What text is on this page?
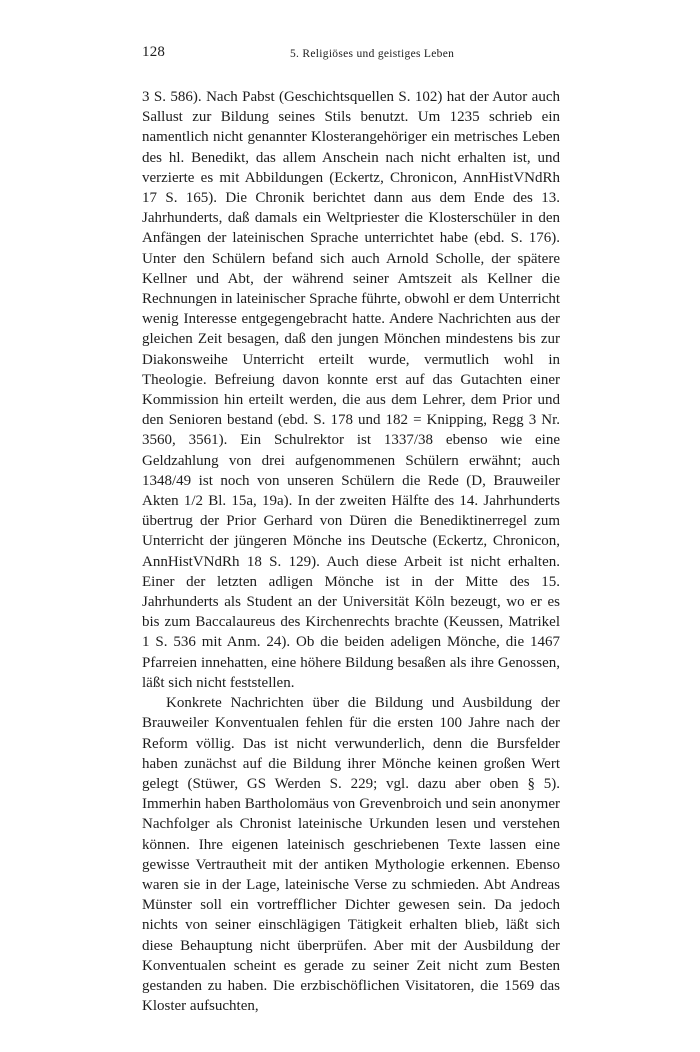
128	5. Religiöses und geistiges Leben

3 S. 586). Nach Pabst (Geschichtsquellen S. 102) hat der Autor auch Sallust zur Bildung seines Stils benutzt. Um 1235 schrieb ein namentlich nicht genannter Klosterangehöriger ein metrisches Leben des hl. Benedikt, das allem Anschein nach nicht erhalten ist, und verzierte es mit Abbildungen (Eckertz, Chronicon, AnnHistVNdRh 17 S. 165). Die Chronik berichtet dann aus dem Ende des 13. Jahrhunderts, daß damals ein Weltpriester die Klosterschüler in den Anfängen der lateinischen Sprache unterrichtet habe (ebd. S. 176). Unter den Schülern befand sich auch Arnold Scholle, der spätere Kellner und Abt, der während seiner Amtszeit als Kellner die Rechnungen in lateinischer Sprache führte, obwohl er dem Unterricht wenig Interesse entgegengebracht hatte. Andere Nachrichten aus der gleichen Zeit besagen, daß den jungen Mönchen mindestens bis zur Diakonsweihe Unterricht erteilt wurde, vermutlich wohl in Theologie. Befreiung davon konnte erst auf das Gutachten einer Kommission hin erteilt werden, die aus dem Lehrer, dem Prior und den Senioren bestand (ebd. S. 178 und 182 = Knipping, Regg 3 Nr. 3560, 3561). Ein Schulrektor ist 1337/38 ebenso wie eine Geldzahlung von drei aufgenommenen Schülern erwähnt; auch 1348/49 ist noch von unseren Schülern die Rede (D, Brauweiler Akten 1/2 Bl. 15a, 19a). In der zweiten Hälfte des 14. Jahrhunderts übertrug der Prior Gerhard von Düren die Benediktinerregel zum Unterricht der jüngeren Mönche ins Deutsche (Eckertz, Chronicon, AnnHistVNdRh 18 S. 129). Auch diese Arbeit ist nicht erhalten. Einer der letzten adligen Mönche ist in der Mitte des 15. Jahrhunderts als Student an der Universität Köln bezeugt, wo er es bis zum Baccalaureus des Kirchenrechts brachte (Keussen, Matrikel 1 S. 536 mit Anm. 24). Ob die beiden adeligen Mönche, die 1467 Pfarreien innehatten, eine höhere Bildung besaßen als ihre Genossen, läßt sich nicht feststellen.

Konkrete Nachrichten über die Bildung und Ausbildung der Brauweiler Konventualen fehlen für die ersten 100 Jahre nach der Reform völlig. Das ist nicht verwunderlich, denn die Bursfelder haben zunächst auf die Bildung ihrer Mönche keinen großen Wert gelegt (Stüwer, GS Werden S. 229; vgl. dazu aber oben § 5). Immerhin haben Bartholomäus von Grevenbroich und sein anonymer Nachfolger als Chronist lateinische Urkunden lesen und verstehen können. Ihre eigenen lateinisch geschriebenen Texte lassen eine gewisse Vertrautheit mit der antiken Mythologie erkennen. Ebenso waren sie in der Lage, lateinische Verse zu schmieden. Abt Andreas Münster soll ein vortrefflicher Dichter gewesen sein. Da jedoch nichts von seiner einschlägigen Tätigkeit erhalten blieb, läßt sich diese Behauptung nicht überprüfen. Aber mit der Ausbildung der Konventualen scheint es gerade zu seiner Zeit nicht zum Besten gestanden zu haben. Die erzbischöflichen Visitatoren, die 1569 das Kloster aufsuchten,
